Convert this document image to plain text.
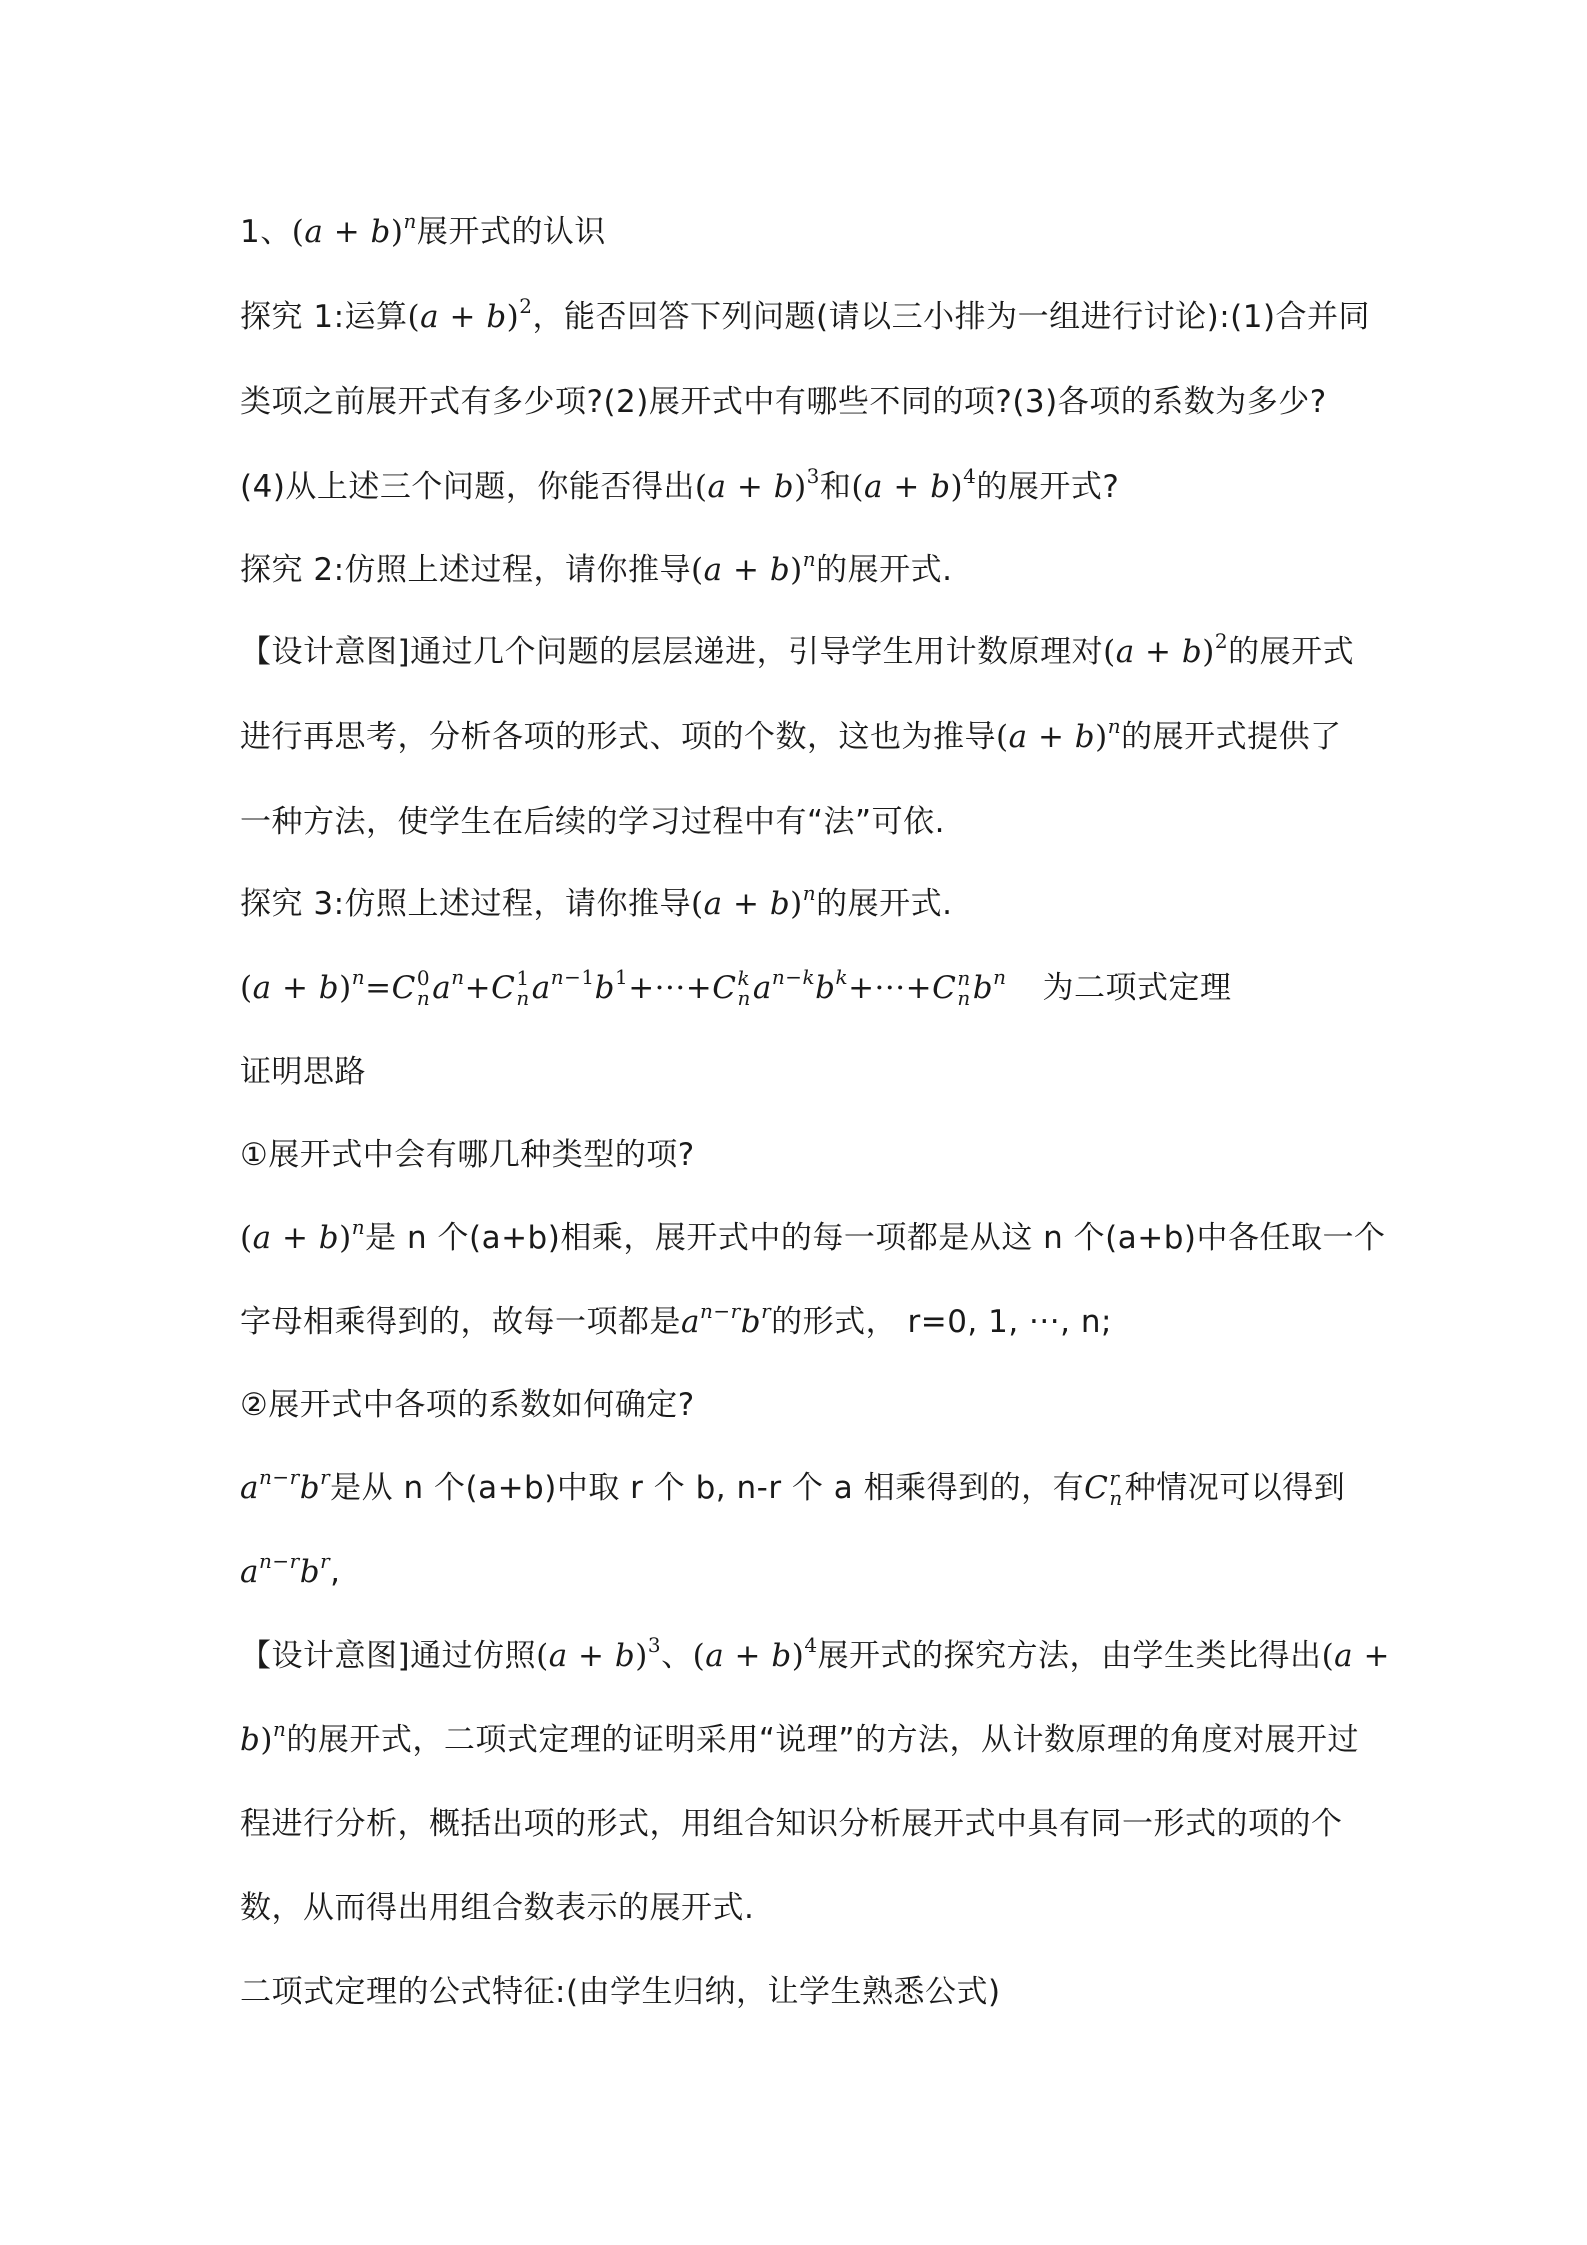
1、$(a + b)^n$展开式的认识
探究 1:运算$(a + b)^2$，能否回答下列问题(请以三小排为一组进行讨论):(1)合并同
类项之前展开式有多少项?(2)展开式中有哪些不同的项?(3)各项的系数为多少?
(4)从上述三个问题，你能否得出$(a + b)^3$和$(a + b)^4$的展开式?
探究 2:仿照上述过程，请你推导$(a + b)^n$的展开式.
【设计意图]通过几个问题的层层递进，引导学生用计数原理对$(a + b)^2$的展开式
进行再思考，分析各项的形式、项的个数，这也为推导$(a + b)^n$的展开式提供了
一种方法，使学生在后续的学习过程中有“法”可依.
探究 3:仿照上述过程，请你推导$(a + b)^n$的展开式.
$(a + b)^n=C$ 0
n $a^n+C$ 1
n $a^{n-1}b^1+\cdot\cdot\cdot+C$ k
n $a^{n-k}b^k+\cdot\cdot\cdot+C$ n
n $b^n$ 为二项式定理
证明思路
①展开式中会有哪几种类型的项?
$(a + b)^n$是 n 个(a+b)相乘，展开式中的每一项都是从这 n 个(a+b)中各任取一个
字母相乘得到的，故每一项都是$a^{n-r}b^r$的形式， r=0, 1, ···, n;
②展开式中各项的系数如何确定?
$a^{n-r}b^r$是从 n 个(a+b)中取 r 个 b, n-r 个 a 相乘得到的，有C r
n 种情况可以得到
$a^{n-r}b^r$,
【设计意图]通过仿照$(a + b)^3$、$(a + b)^4$展开式的探究方法，由学生类比得出(a +
b)$^n$的展开式，二项式定理的证明采用“说理”的方法，从计数原理的角度对展开过
程进行分析，概括出项的形式，用组合知识分析展开式中具有同一形式的项的个
数，从而得出用组合数表示的展开式.
二项式定理的公式特征:(由学生归纳，让学生熟悉公式)
